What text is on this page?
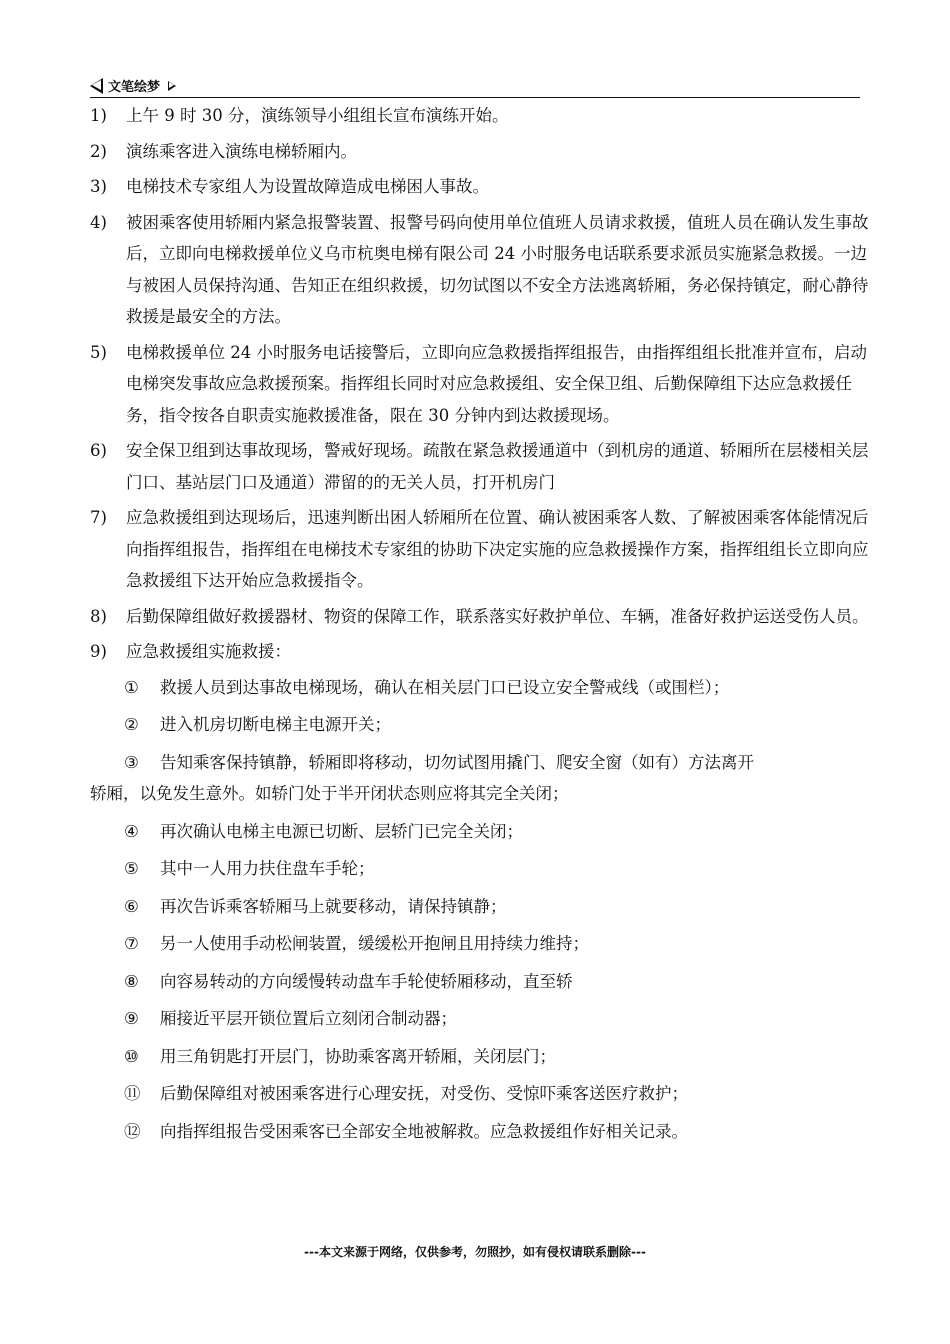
文笔绘梦
1) 上午 9 时 30 分，演练领导小组组长宣布演练开始。
2) 演练乘客进入演练电梯轿厢内。
3) 电梯技术专家组人为设置故障造成电梯困人事故。
4) 被困乘客使用轿厢内紧急报警装置、报警号码向使用单位值班人员请求救援，值班人员在确认发生事故后，立即向电梯救援单位义乌市杭奥电梯有限公司 24 小时服务电话联系要求派员实施紧急救援。一边与被困人员保持沟通、告知正在组织救援，切勿试图以不安全方法逃离轿厢，务必保持镇定，耐心静待救援是最安全的方法。
5) 电梯救援单位 24 小时服务电话接警后，立即向应急救援指挥组报告，由指挥组组长批准并宣布，启动电梯突发事故应急救援预案。指挥组长同时对应急救援组、安全保卫组、后勤保障组下达应急救援任务，指令按各自职责实施救援准备，限在 30 分钟内到达救援现场。
6) 安全保卫组到达事故现场，警戒好现场。疏散在紧急救援通道中（到机房的通道、轿厢所在层楼相关层门口、基站层门口及通道）滞留的的无关人员，打开机房门
7) 应急救援组到达现场后，迅速判断出困人轿厢所在位置、确认被困乘客人数、了解被困乘客体能情况后向指挥组报告，指挥组在电梯技术专家组的协助下决定实施的应急救援操作方案，指挥组组长立即向应急救援组下达开始应急救援指令。
8) 后勤保障组做好救援器材、物资的保障工作，联系落实好救护单位、车辆，准备好救护运送受伤人员。
9) 应急救援组实施救援：
① 救援人员到达事故电梯现场，确认在相关层门口已设立安全警戒线（或围栏）；
② 进入机房切断电梯主电源开关；
③	告知乘客保持镇静，轿厢即将移动，切勿试图用撬门、爬安全窗（如有）方法离开
轿厢，以免发生意外。如轿门处于半开闭状态则应将其完全关闭；
④ 再次确认电梯主电源已切断、层轿门已完全关闭；
⑤ 其中一人用力扶住盘车手轮；
⑥ 再次告诉乘客轿厢马上就要移动，请保持镇静；
⑦ 另一人使用手动松闸装置，缓缓松开抱闸且用持续力维持；
⑧ 向容易转动的方向缓慢转动盘车手轮使轿厢移动，直至轿
⑨ 厢接近平层开锁位置后立刻闭合制动器；
⑩ 用三角钥匙打开层门，协助乘客离开轿厢，关闭层门；
⑪ 后勤保障组对被困乘客进行心理安抚，对受伤、受惊吓乘客送医疗救护；
⑫ 向指挥组报告受困乘客已全部安全地被解救。应急救援组作好相关记录。
---本文来源于网络，仅供参考，勿照抄，如有侵权请联系删除---
